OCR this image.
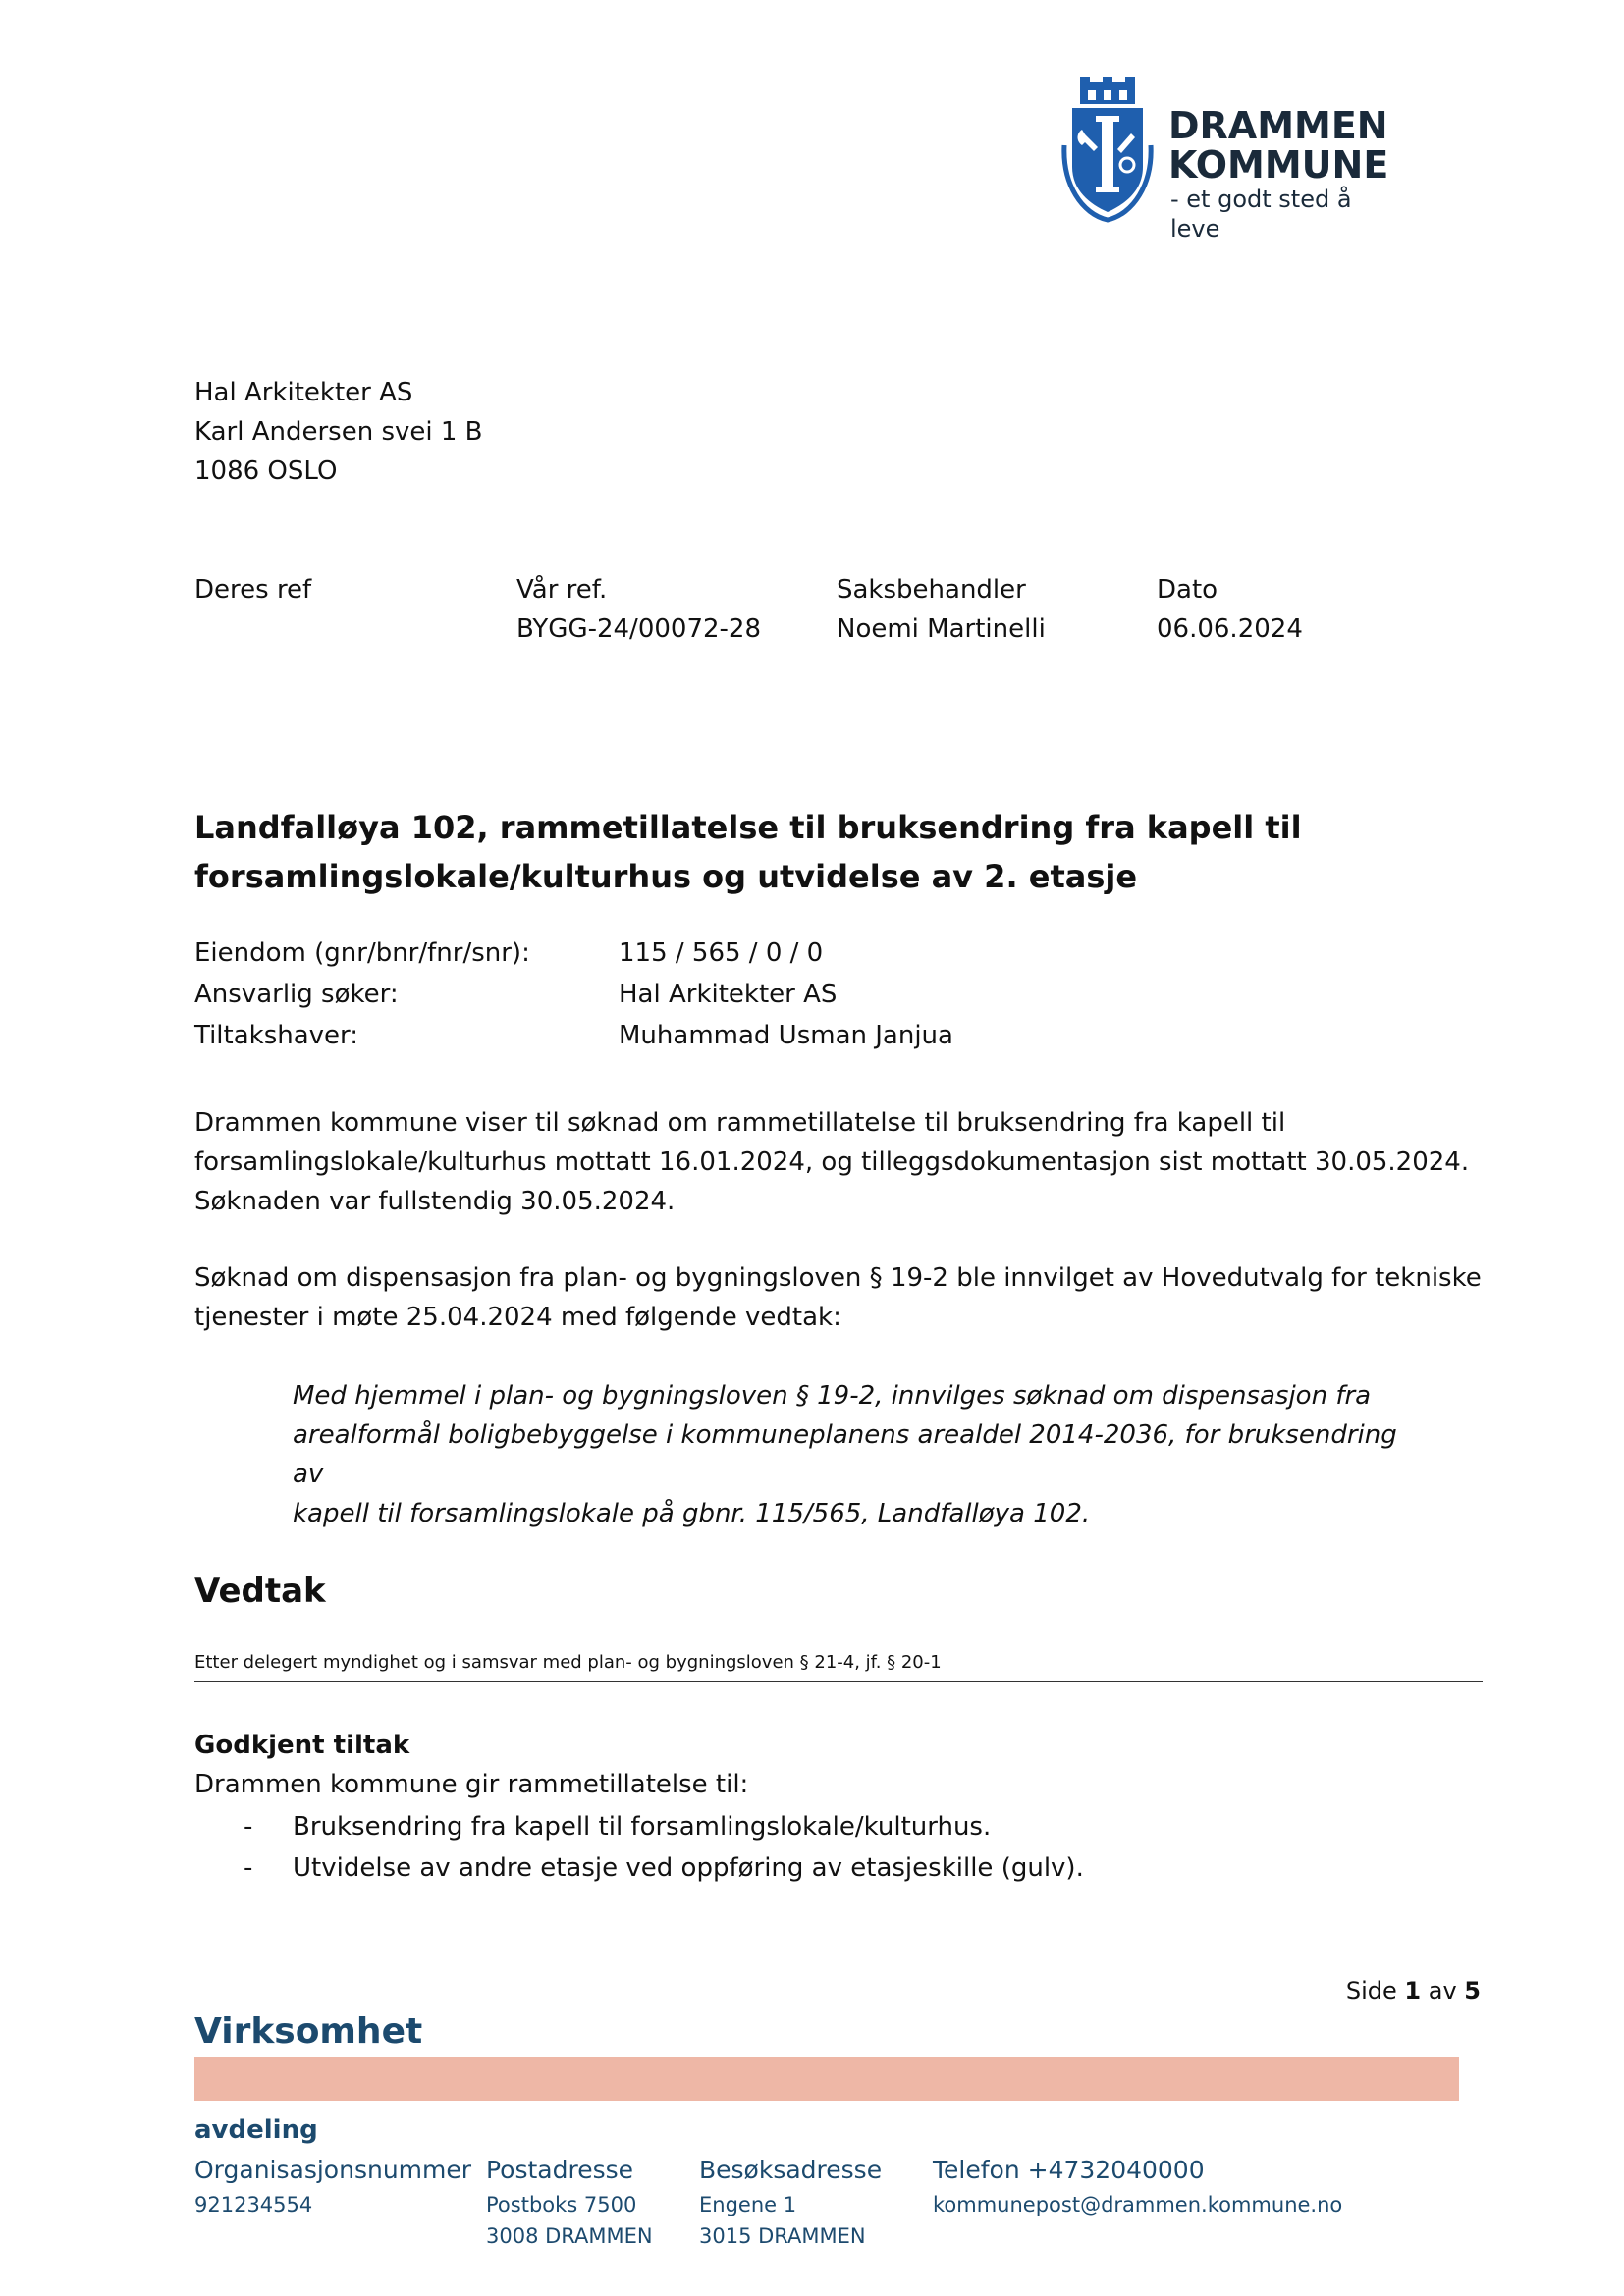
DRAMMEN
KOMMUNE
- et godt sted å leve
Hal Arkitekter AS
Karl Andersen svei 1 B
1086 OSLO
Deres ref	Vår ref.
BYGG-24/00072-28
Saksbehandler
Noemi Martinelli
Dato
06.06.2024
Landfalløya 102, rammetillatelse til bruksendring fra kapell til
forsamlingslokale/kulturhus og utvidelse av 2. etasje
Eiendom (gnr/bnr/fnr/snr):
Ansvarlig søker:
Tiltakshaver:
115 / 565 / 0 / 0
Hal Arkitekter AS
Muhammad Usman Janjua
Drammen kommune viser til søknad om rammetillatelse til bruksendring fra kapell til
forsamlingslokale/kulturhus mottatt 16.01.2024, og tilleggsdokumentasjon sist mottatt 30.05.2024.
Søknaden var fullstendig 30.05.2024.
Søknad om dispensasjon fra plan- og bygningsloven § 19-2 ble innvilget av Hovedutvalg for tekniske
tjenester i møte 25.04.2024 med følgende vedtak:
Med hjemmel i plan- og bygningsloven § 19-2, innvilges søknad om dispensasjon fra
arealformål boligbebyggelse i kommuneplanens arealdel 2014-2036, for bruksendring av
kapell til forsamlingslokale på gbnr. 115/565, Landfalløya 102.
Vedtak
Etter delegert myndighet og i samsvar med plan- og bygningsloven § 21-4, jf. § 20-1
Godkjent tiltak
Drammen kommune gir rammetillatelse til:
- Bruksendring fra kapell til forsamlingslokale/kulturhus.
- Utvidelse av andre etasje ved oppføring av etasjeskille (gulv).
Side 1 av 5
Virksomhet
avdeling
Organisasjonsnummer
921234554
Postadresse
Postboks 7500
3008 DRAMMEN
Besøksadresse
Engene 1
3015 DRAMMEN
Telefon +4732040000
kommunepost@drammen.kommune.no
